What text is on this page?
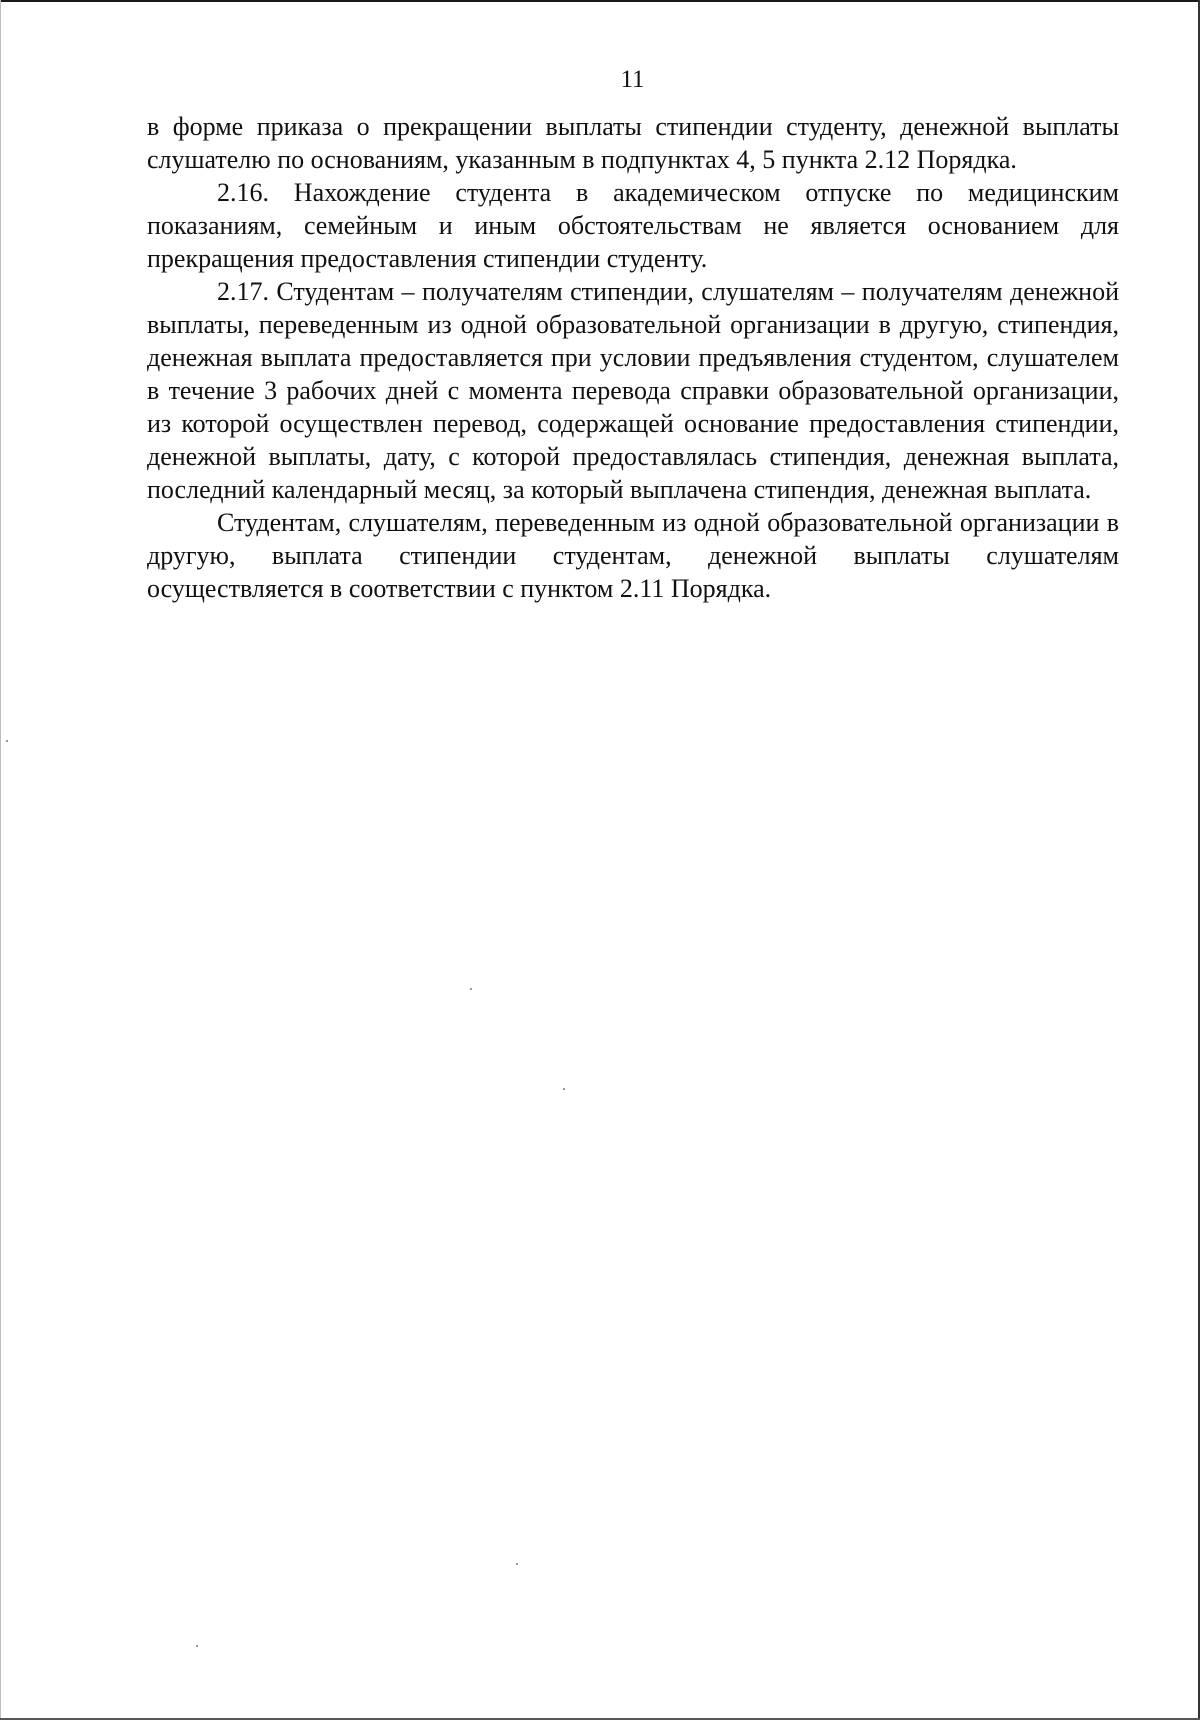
11

в форме приказа о прекращении выплаты стипендии студенту, денежной выплаты слушателю по основаниям, указанным в подпунктах 4, 5 пункта 2.12 Порядка.

2.16. Нахождение студента в академическом отпуске по медицинским показаниям, семейным и иным обстоятельствам не является основанием для прекращения предоставления стипендии студенту.

2.17. Студентам – получателям стипендии, слушателям – получателям денежной выплаты, переведенным из одной образовательной организации в другую, стипендия, денежная выплата предоставляется при условии предъявления студентом, слушателем в течение 3 рабочих дней с момента перевода справки образовательной организации, из которой осуществлен перевод, содержащей основание предоставления стипендии, денежной выплаты, дату, с которой предоставлялась стипендия, денежная выплата, последний календарный месяц, за который выплачена стипендия, денежная выплата.

Студентам, слушателям, переведенным из одной образовательной организации в другую, выплата стипендии студентам, денежной выплаты слушателям осуществляется в соответствии с пунктом 2.11 Порядка.
